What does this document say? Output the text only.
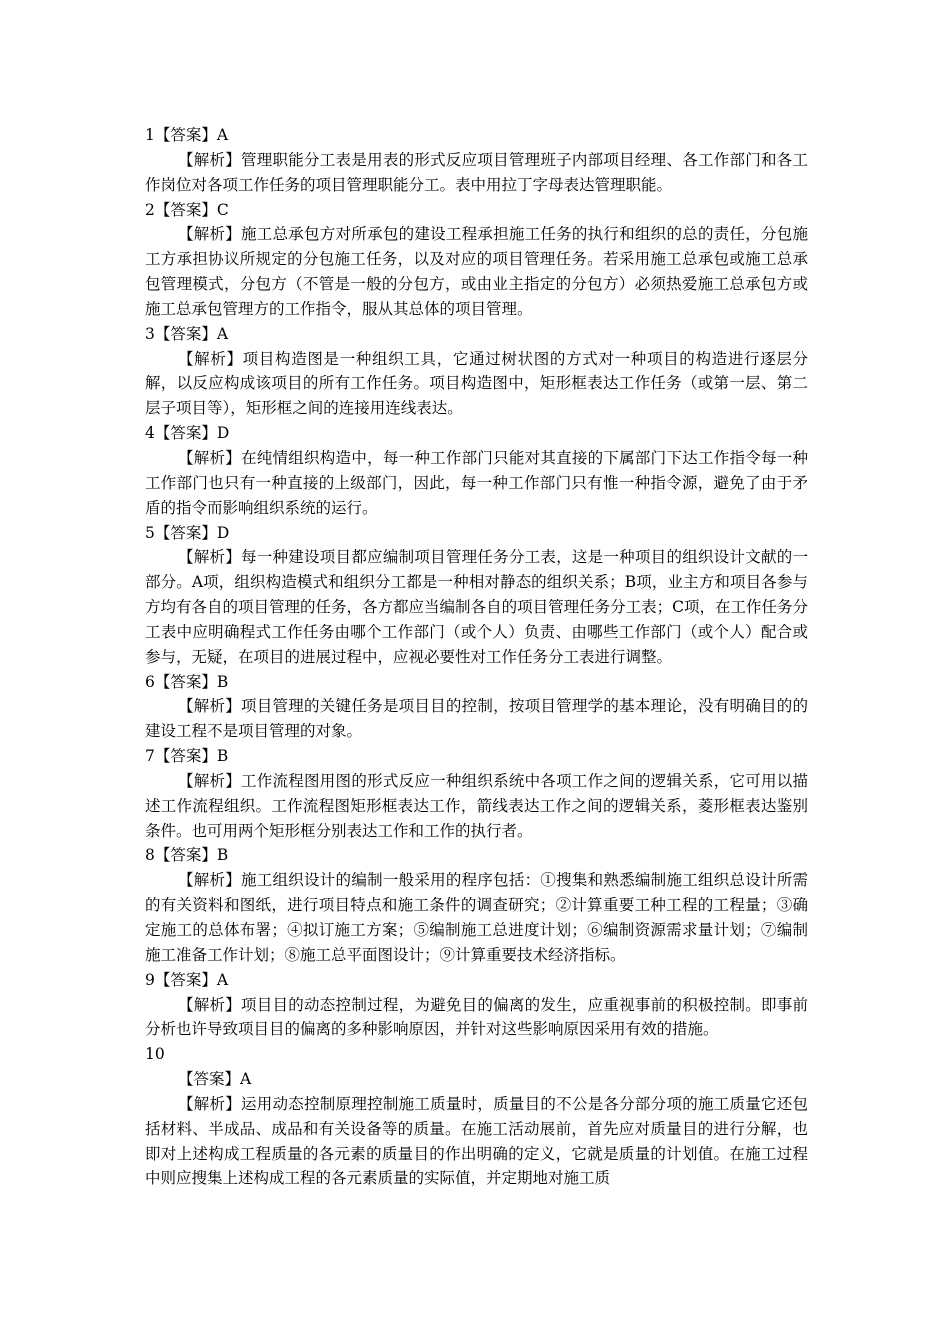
1【答案】A
【解析】管理职能分工表是用表的形式反应项目管理班子内部项目经理、各工作部门和各工作岗位对各项工作任务的项目管理职能分工。表中用拉丁字母表达管理职能。
2【答案】C
【解析】施工总承包方对所承包的建设工程承担施工任务的执行和组织的总的责任，分包施工方承担协议所规定的分包施工任务，以及对应的项目管理任务。若采用施工总承包或施工总承包管理模式，分包方（不管是一般的分包方，或由业主指定的分包方）必须热爱施工总承包方或施工总承包管理方的工作指令，服从其总体的项目管理。
3【答案】A
【解析】项目构造图是一种组织工具，它通过树状图的方式对一种项目的构造进行逐层分解，以反应构成该项目的所有工作任务。项目构造图中，矩形框表达工作任务（或第一层、第二层子项目等），矩形框之间的连接用连线表达。
4【答案】D
【解析】在纯情组织构造中，每一种工作部门只能对其直接的下属部门下达工作指令每一种工作部门也只有一种直接的上级部门，因此，每一种工作部门只有惟一种指令源，避免了由于矛盾的指令而影响组织系统的运行。
5【答案】D
【解析】每一种建设项目都应编制项目管理任务分工表，这是一种项目的组织设计文献的一部分。A项，组织构造模式和组织分工都是一种相对静态的组织关系；B项，业主方和项目各参与方均有各自的项目管理的任务，各方都应当编制各自的项目管理任务分工表；C项，在工作任务分工表中应明确程式工作任务由哪个工作部门（或个人）负责、由哪些工作部门（或个人）配合或参与，无疑，在项目的进展过程中，应视必要性对工作任务分工表进行调整。
6【答案】B
【解析】项目管理的关键任务是项目目的控制，按项目管理学的基本理论，没有明确目的的建设工程不是项目管理的对象。
7【答案】B
【解析】工作流程图用图的形式反应一种组织系统中各项工作之间的逻辑关系，它可用以描述工作流程组织。工作流程图矩形框表达工作，箭线表达工作之间的逻辑关系，菱形框表达鉴别条件。也可用两个矩形框分别表达工作和工作的执行者。
8【答案】B
【解析】施工组织设计的编制一般采用的程序包括：①搜集和熟悉编制施工组织总设计所需的有关资料和图纸，进行项目特点和施工条件的调查研究；②计算重要工种工程的工程量；③确定施工的总体布署；④拟订施工方案；⑤编制施工总进度计划；⑥编制资源需求量计划；⑦编制施工准备工作计划；⑧施工总平面图设计；⑨计算重要技术经济指标。
9【答案】A
【解析】项目目的动态控制过程，为避免目的偏离的发生，应重视事前的积极控制。即事前分析也许导致项目目的偏离的多种影响原因，并针对这些影响原因采用有效的措施。
10
【答案】A
【解析】运用动态控制原理控制施工质量时，质量目的不公是各分部分项的施工质量它还包括材料、半成品、成品和有关设备等的质量。在施工活动展前，首先应对质量目的进行分解，也即对上述构成工程质量的各元素的质量目的作出明确的定义，它就是质量的计划值。在施工过程中则应搜集上述构成工程的各元素质量的实际值，并定期地对施工质
